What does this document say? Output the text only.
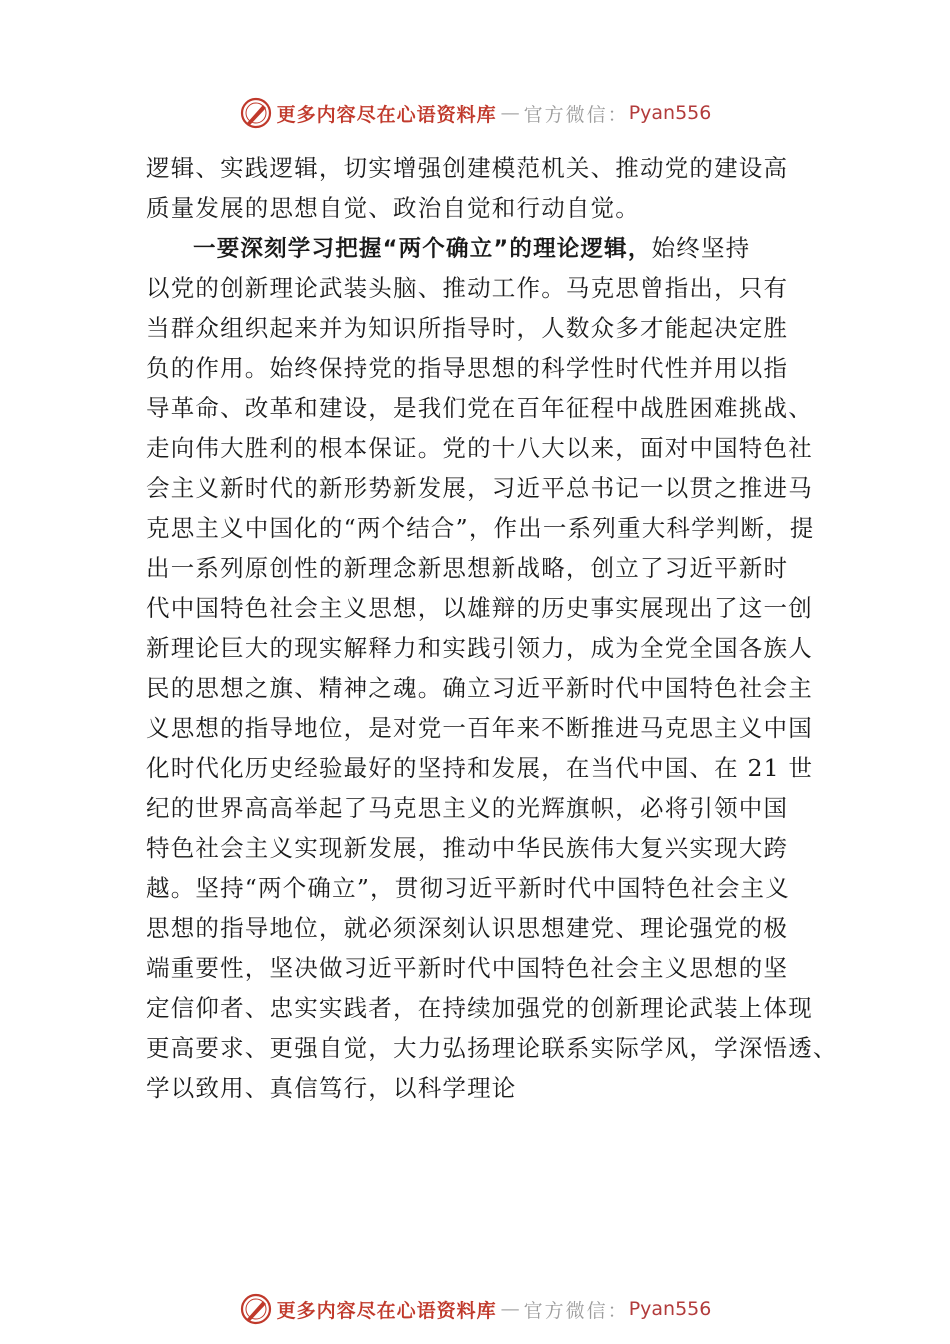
更多内容尽在心语资料库 — 官方微信： Pyan556
逻辑、实践逻辑，切实增强创建模范机关、推动党的建设高
质量发展的思想自觉、政治自觉和行动自觉。
一要深刻学习把握“两个确立”的理论逻辑，始终坚持
以党的创新理论武装头脑、推动工作。马克思曾指出，只有
当群众组织起来并为知识所指导时，人数众多才能起决定胜
负的作用。始终保持党的指导思想的科学性时代性并用以指
导革命、改革和建设，是我们党在百年征程中战胜困难挑战、
走向伟大胜利的根本保证。党的十八大以来，面对中国特色社
会主义新时代的新形势新发展，习近平总书记一以贯之推进马
克思主义中国化的“两个结合”，作出一系列重大科学判断，提
出一系列原创性的新理念新思想新战略，创立了习近平新时
代中国特色社会主义思想，以雄辩的历史事实展现出了这一创
新理论巨大的现实解释力和实践引领力，成为全党全国各族人
民的思想之旗、精神之魂。确立习近平新时代中国特色社会主
义思想的指导地位，是对党一百年来不断推进马克思主义中国
化时代化历史经验最好的坚持和发展，在当代中国、在 21 世
纪的世界高高举起了马克思主义的光辉旗帜，必将引领中国
特色社会主义实现新发展，推动中华民族伟大复兴实现大跨
越。坚持“两个确立”，贯彻习近平新时代中国特色社会主义
思想的指导地位，就必须深刻认识思想建党、理论强党的极
端重要性，坚决做习近平新时代中国特色社会主义思想的坚
定信仰者、忠实实践者，在持续加强党的创新理论武装上体现
更高要求、更强自觉，大力弘扬理论联系实际学风，学深悟透、
学以致用、真信笃行，以科学理论
更多内容尽在心语资料库 — 官方微信： Pyan556
